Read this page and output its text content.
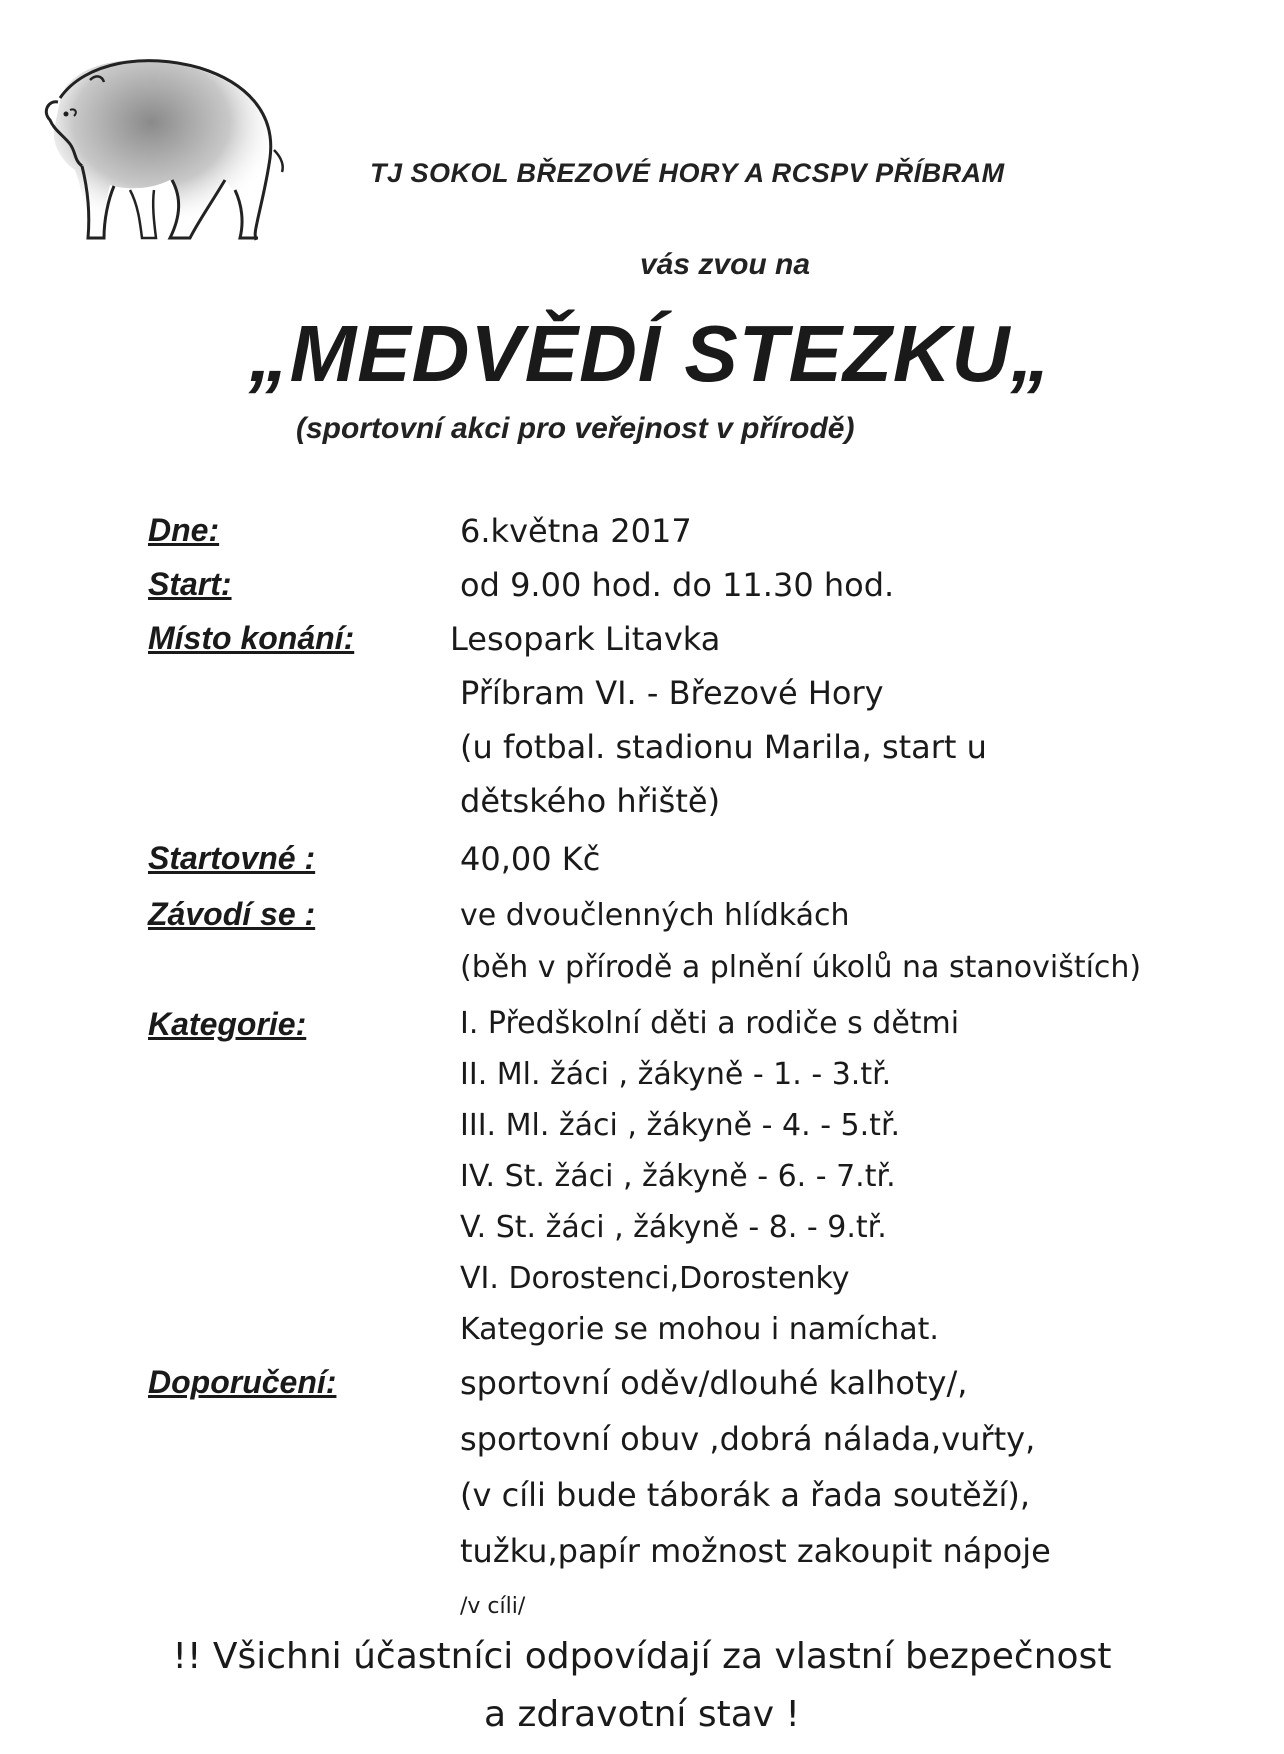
TJ SOKOL BŘEZOVÉ HORY A RCSPV PŘÍBRAM
vás zvou na
„MEDVĚDÍ STEZKU„
(sportovní akci pro veřejnost v přírodě)
Dne:	6.května 2017
Start:	od 9.00 hod. do 11.30 hod.
Místo konání:	Lesopark Litavka
Příbram VI. - Březové Hory
(u fotbal. stadionu Marila, start u
dětského hřiště)
Startovné :	40,00 Kč
Závodí se :	ve dvoučlenných hlídkách
(běh v přírodě a plnění úkolů na stanovištích)
Kategorie:	I. Předškolní děti a rodiče s dětmi
II. Ml. žáci , žákyně - 1. - 3.tř.
III. Ml. žáci , žákyně - 4. - 5.tř.
IV. St. žáci , žákyně - 6. - 7.tř.
V. St. žáci , žákyně - 8. - 9.tř.
VI. Dorostenci,Dorostenky
Kategorie se mohou i namíchat.
Doporučení:	sportovní oděv/dlouhé kalhoty/,
sportovní obuv ,dobrá nálada,vuřty,
(v cíli bude táborák a řada soutěží),
tužku,papír možnost zakoupit nápoje
/v cíli/
!! Všichni účastníci odpovídají za vlastní bezpečnost
a zdravotní stav !
